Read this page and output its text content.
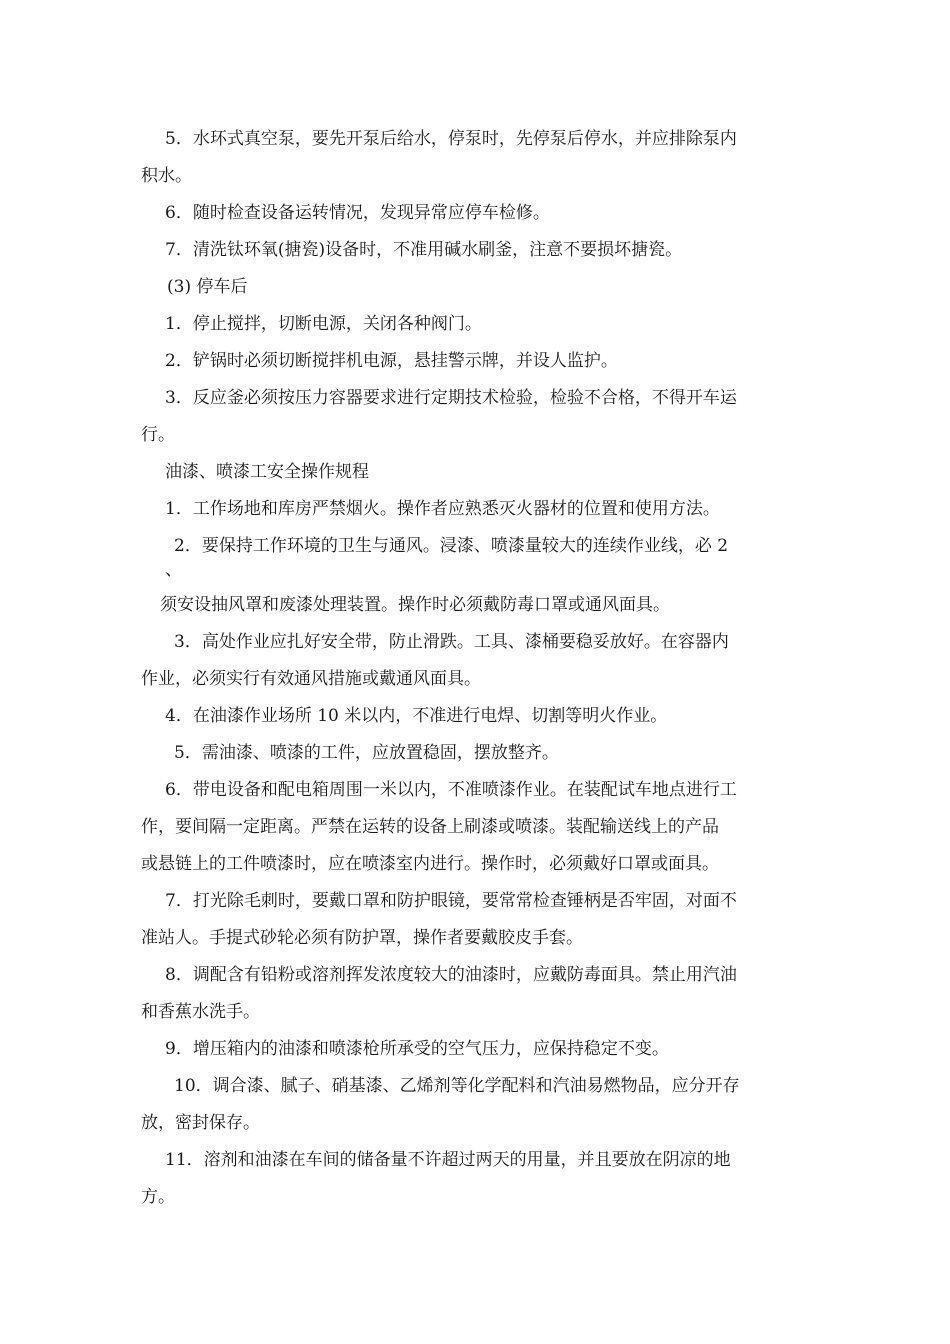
5．水环式真空泵，要先开泵后给水，停泵时，先停泵后停水，并应排除泵内
积水。
6．随时检查设备运转情况，发现异常应停车检修。
7．清洗钛环氧(搪瓷)设备时，不准用碱水刷釜，注意不要损坏搪瓷。
(3) 停车后
1．停止搅拌，切断电源，关闭各种阀门。
2．铲锅时必须切断搅拌机电源，悬挂警示牌，并设人监护。
3．反应釜必须按压力容器要求进行定期技术检验，检验不合格，不得开车运
行。
油漆、喷漆工安全操作规程
1．工作场地和库房严禁烟火。操作者应熟悉灭火器材的位置和使用方法。
2．要保持工作环境的卫生与通风。浸漆、喷漆量较大的连续作业线，必 2
、
须安设抽风罩和废漆处理装置。操作时必须戴防毒口罩或通风面具。
3．高处作业应扎好安全带，防止滑跌。工具、漆桶要稳妥放好。在容器内
作业，必须实行有效通风措施或戴通风面具。
4．在油漆作业场所 10 米以内，不准进行电焊、切割等明火作业。
5．需油漆、喷漆的工件，应放置稳固，摆放整齐。
6．带电设备和配电箱周围一米以内，不准喷漆作业。在装配试车地点进行工
作，要间隔一定距离。严禁在运转的设备上刷漆或喷漆。装配输送线上的产品
或悬链上的工件喷漆时，应在喷漆室内进行。操作时，必须戴好口罩或面具。
7．打光除毛刺时，要戴口罩和防护眼镜，要常常检查锤柄是否牢固，对面不
准站人。手提式砂轮必须有防护罩，操作者要戴胶皮手套。
8．调配含有铅粉或溶剂挥发浓度较大的油漆时，应戴防毒面具。禁止用汽油
和香蕉水洗手。
9．增压箱内的油漆和喷漆枪所承受的空气压力，应保持稳定不变。
10．调合漆、腻子、硝基漆、乙烯剂等化学配料和汽油易燃物品，应分开存
放，密封保存。
11．溶剂和油漆在车间的储备量不许超过两天的用量，并且要放在阴凉的地
方。
